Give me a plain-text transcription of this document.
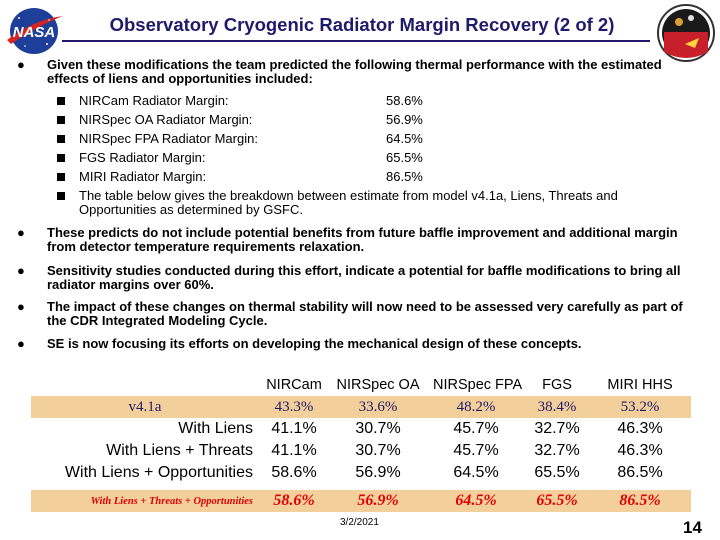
NASA	Observatory Cryogenic Radiator Margin Recovery (2 of 2)
● Given these modifications the team predicted the following thermal performance with the estimated effects of liens and opportunities included:
NIRCam Radiator Margin:	58.6%
NIRSpec OA Radiator Margin:	56.9%
NIRSpec FPA Radiator Margin:	64.5%
FGS Radiator Margin:	65.5%
MIRI Radiator Margin:	86.5%
The table below gives the breakdown between estimate from model v4.1a, Liens, Threats and Opportunities as determined by GSFC.
● These predicts do not include potential benefits from future baffle improvement and additional margin from detector temperature requirements relaxation.
● Sensitivity studies conducted during this effort, indicate a potential for baffle modifications to bring all radiator margins over 60%.
● The impact of these changes on thermal stability will now need to be assessed very carefully as part of the CDR Integrated Modeling Cycle.
● SE is now focusing its efforts on developing the mechanical design of these concepts.
	NIRCam	NIRSpec OA	NIRSpec FPA	FGS	MIRI HHS
v4.1a	43.3%	33.6%	48.2%	38.4%	53.2%
With Liens	41.1%	30.7%	45.7%	32.7%	46.3%
With Liens + Threats	41.1%	30.7%	45.7%	32.7%	46.3%
With Liens + Opportunities	58.6%	56.9%	64.5%	65.5%	86.5%

With Liens + Threats + Opportunities	58.6%	56.9%	64.5%	65.5%	86.5%
3/2/2021	14
